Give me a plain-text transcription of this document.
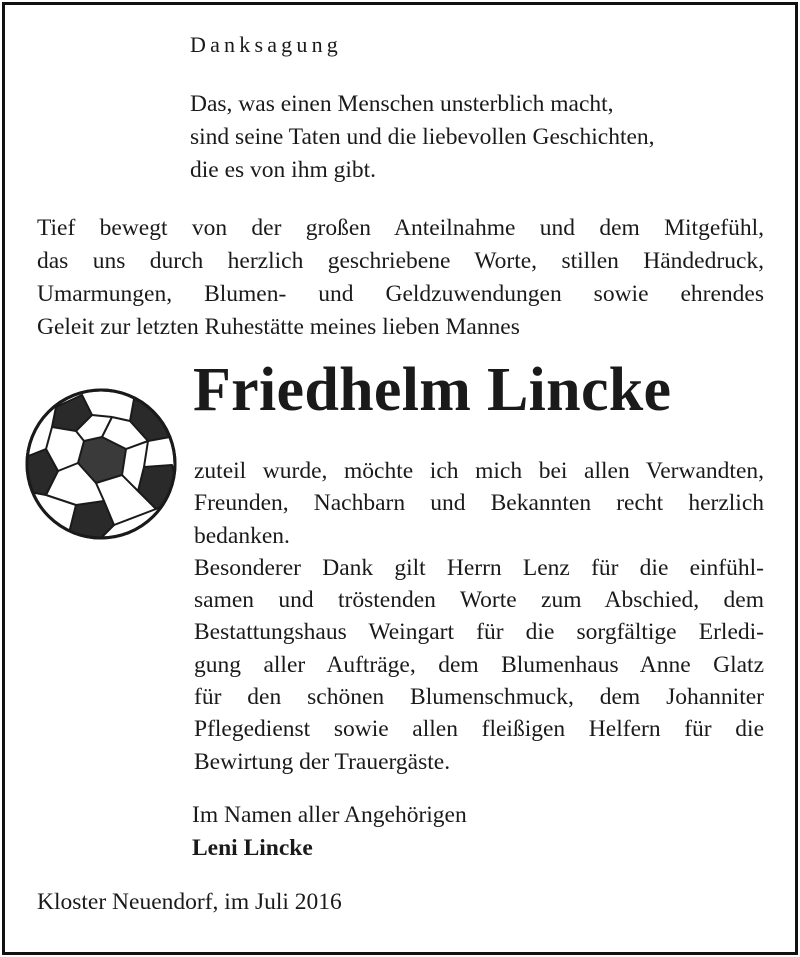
Danksagung
Das, was einen Menschen unsterblich macht,
sind seine Taten und die liebevollen Geschichten,
die es von ihm gibt.
Tief bewegt von der großen Anteilnahme und dem Mitgefühl,
das uns durch herzlich geschriebene Worte, stillen Händedruck,
Umarmungen, Blumen- und Geldzuwendungen sowie ehrendes
Geleit zur letzten Ruhestätte meines lieben Mannes
Friedhelm Lincke
zuteil wurde, möchte ich mich bei allen Verwandten,
Freunden, Nachbarn und Bekannten recht herzlich
bedanken.
Besonderer Dank gilt Herrn Lenz für die einfühl-
samen und tröstenden Worte zum Abschied, dem
Bestattungshaus Weingart für die sorgfältige Erledi-
gung aller Aufträge, dem Blumenhaus Anne Glatz
für den schönen Blumenschmuck, dem Johanniter
Pflegedienst sowie allen fleißigen Helfern für die
Bewirtung der Trauergäste.
Im Namen aller Angehörigen
Leni Lincke
Kloster Neuendorf, im Juli 2016
